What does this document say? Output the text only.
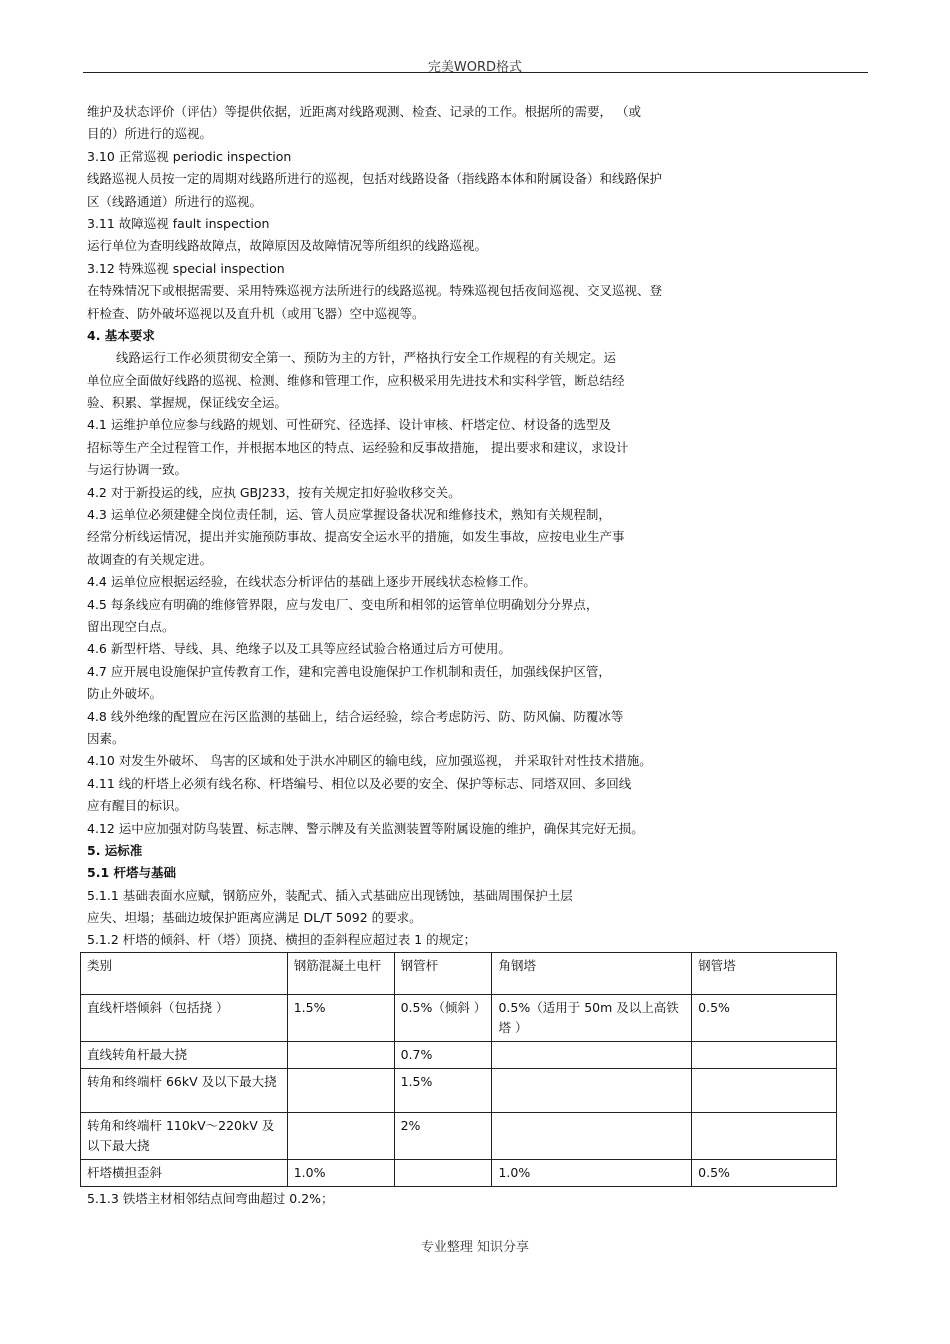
完美WORD格式
维护及状态评价（评估）等提供依据，近距离对线路观测、检查、记录的工作。根据所的需要， （或
目的）所进行的巡视。
3.10 正常巡视 periodic inspection
线路巡视人员按一定的周期对线路所进行的巡视，包括对线路设备（指线路本体和附属设备）和线路保护
区（线路通道）所进行的巡视。
3.11 故障巡视 fault inspection
运行单位为查明线路故障点，故障原因及故障情况等所组织的线路巡视。
3.12 特殊巡视 special inspection
在特殊情况下或根据需要、采用特殊巡视方法所进行的线路巡视。特殊巡视包括夜间巡视、交叉巡视、登
杆检查、防外破坏巡视以及直升机（或用飞器）空中巡视等。
4. 基本要求
线路运行工作必须贯彻安全第一、预防为主的方针，严格执行安全工作规程的有关规定。运
单位应全面做好线路的巡视、检测、维修和管理工作，应积极采用先进技术和实科学管，断总结经
验、积累、掌握规，保证线安全运。
4.1 运维护单位应参与线路的规划、可性研究、径选择、设计审核、杆塔定位、材设备的选型及
招标等生产全过程管工作，并根据本地区的特点、运经验和反事故措施， 提出要求和建议，求设计
与运行协调一致。
4.2 对于新投运的线，应执 GBJ233，按有关规定扣好验收移交关。
4.3 运单位必须建健全岗位责任制，运、管人员应掌握设备状况和维修技术，熟知有关规程制，
经常分析线运情况，提出并实施预防事故、提高安全运水平的措施，如发生事故，应按电业生产事
故调查的有关规定进。
4.4 运单位应根据运经验，在线状态分析评估的基础上逐步开展线状态检修工作。
4.5 每条线应有明确的维修管界限，应与发电厂、变电所和相邻的运管单位明确划分分界点，
留出现空白点。
4.6 新型杆塔、导线、具、绝缘子以及工具等应经试验合格通过后方可使用。
4.7 应开展电设施保护宣传教育工作，建和完善电设施保护工作机制和责任，加强线保护区管，
防止外破坏。
4.8 线外绝缘的配置应在污区监测的基础上，结合运经验，综合考虑防污、防、防风偏、防覆冰等
因素。
4.10 对发生外破坏、 鸟害的区域和处于洪水冲刷区的输电线，应加强巡视， 并采取针对性技术措施。
4.11 线的杆塔上必须有线名称、杆塔编号、相位以及必要的安全、保护等标志、同塔双回、多回线
应有醒目的标识。
4.12 运中应加强对防鸟装置、标志牌、警示牌及有关监测装置等附属设施的维护，确保其完好无损。
5. 运标准
5.1 杆塔与基础
5.1.1 基础表面水应赋，钢筋应外，装配式、插入式基础应出现锈蚀，基础周围保护土层
应失、坦塌；基础边坡保护距离应满足 DL/T 5092 的要求。
5.1.2 杆塔的倾斜、杆（塔）顶挠、横担的歪斜程应超过表 1 的规定；
类别	钢筋混凝土电杆	钢管杆	角钢塔	钢管塔
直线杆塔倾斜（包括挠 ）	1.5%	0.5%（倾斜 ）	0.5%（适用于 50m 及以上高铁塔 ）	0.5%
直线转角杆最大挠		0.7%		
转角和终端杆 66kV 及以下最大挠		1.5%		
转角和终端杆 110kV～220kV 及以下最大挠		2%		
杆塔横担歪斜	1.0%		1.0%	0.5%
5.1.3 铁塔主材相邻结点间弯曲超过 0.2%；
专业整理 知识分享
